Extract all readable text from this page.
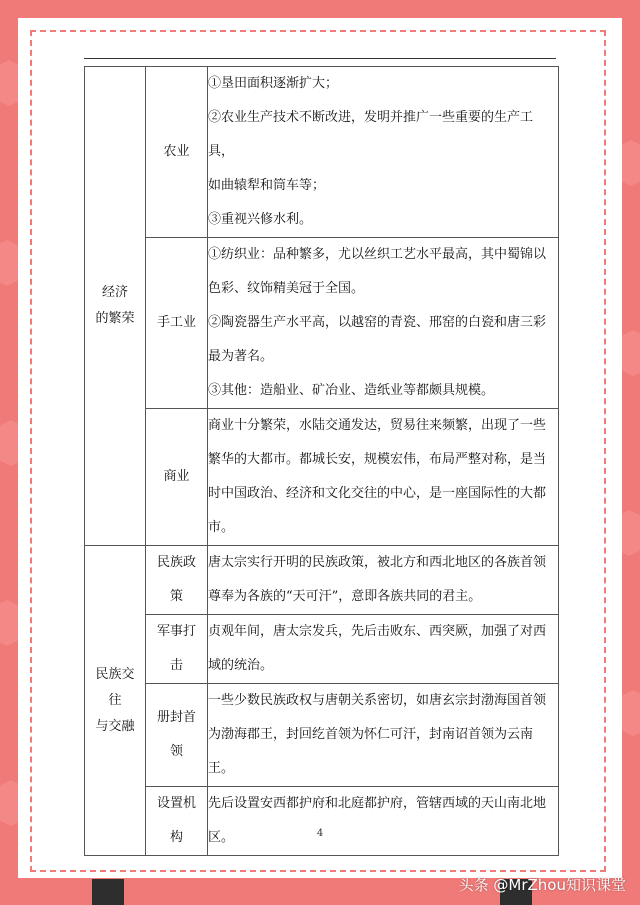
经济
的繁荣	农业	①垦田面积逐渐扩大；
②农业生产技术不断改进，发明并推广一些重要的生产工具，
如曲辕犁和筒车等；
③重视兴修水利。

	手工业	①纺织业：品种繁多，尤以丝织工艺水平最高，其中蜀锦以
色彩、纹饰精美冠于全国。
②陶瓷器生产水平高，以越窑的青瓷、邢窑的白瓷和唐三彩
最为著名。
③其他：造船业、矿冶业、造纸业等都颇具规模。

	商业	商业十分繁荣，水陆交通发达，贸易往来频繁，出现了一些
繁华的大都市。都城长安，规模宏伟，布局严整对称，是当
时中国政治、经济和文化交往的中心，是一座国际性的大都
市。

民族交
往
与交融	民族政
策	唐太宗实行开明的民族政策，被北方和西北地区的各族首领
尊奉为各族的“天可汗”，意即各族共同的君主。

	军事打
击	贞观年间，唐太宗发兵，先后击败东、西突厥，加强了对西
域的统治。

	册封首
领	一些少数民族政权与唐朝关系密切，如唐玄宗封渤海国首领
为渤海郡王，封回纥首领为怀仁可汗，封南诏首领为云南王。

	设置机
构	先后设置安西都护府和北庭都护府，管辖西域的天山南北地
区。	4
头条 @MrZhou知识课堂
